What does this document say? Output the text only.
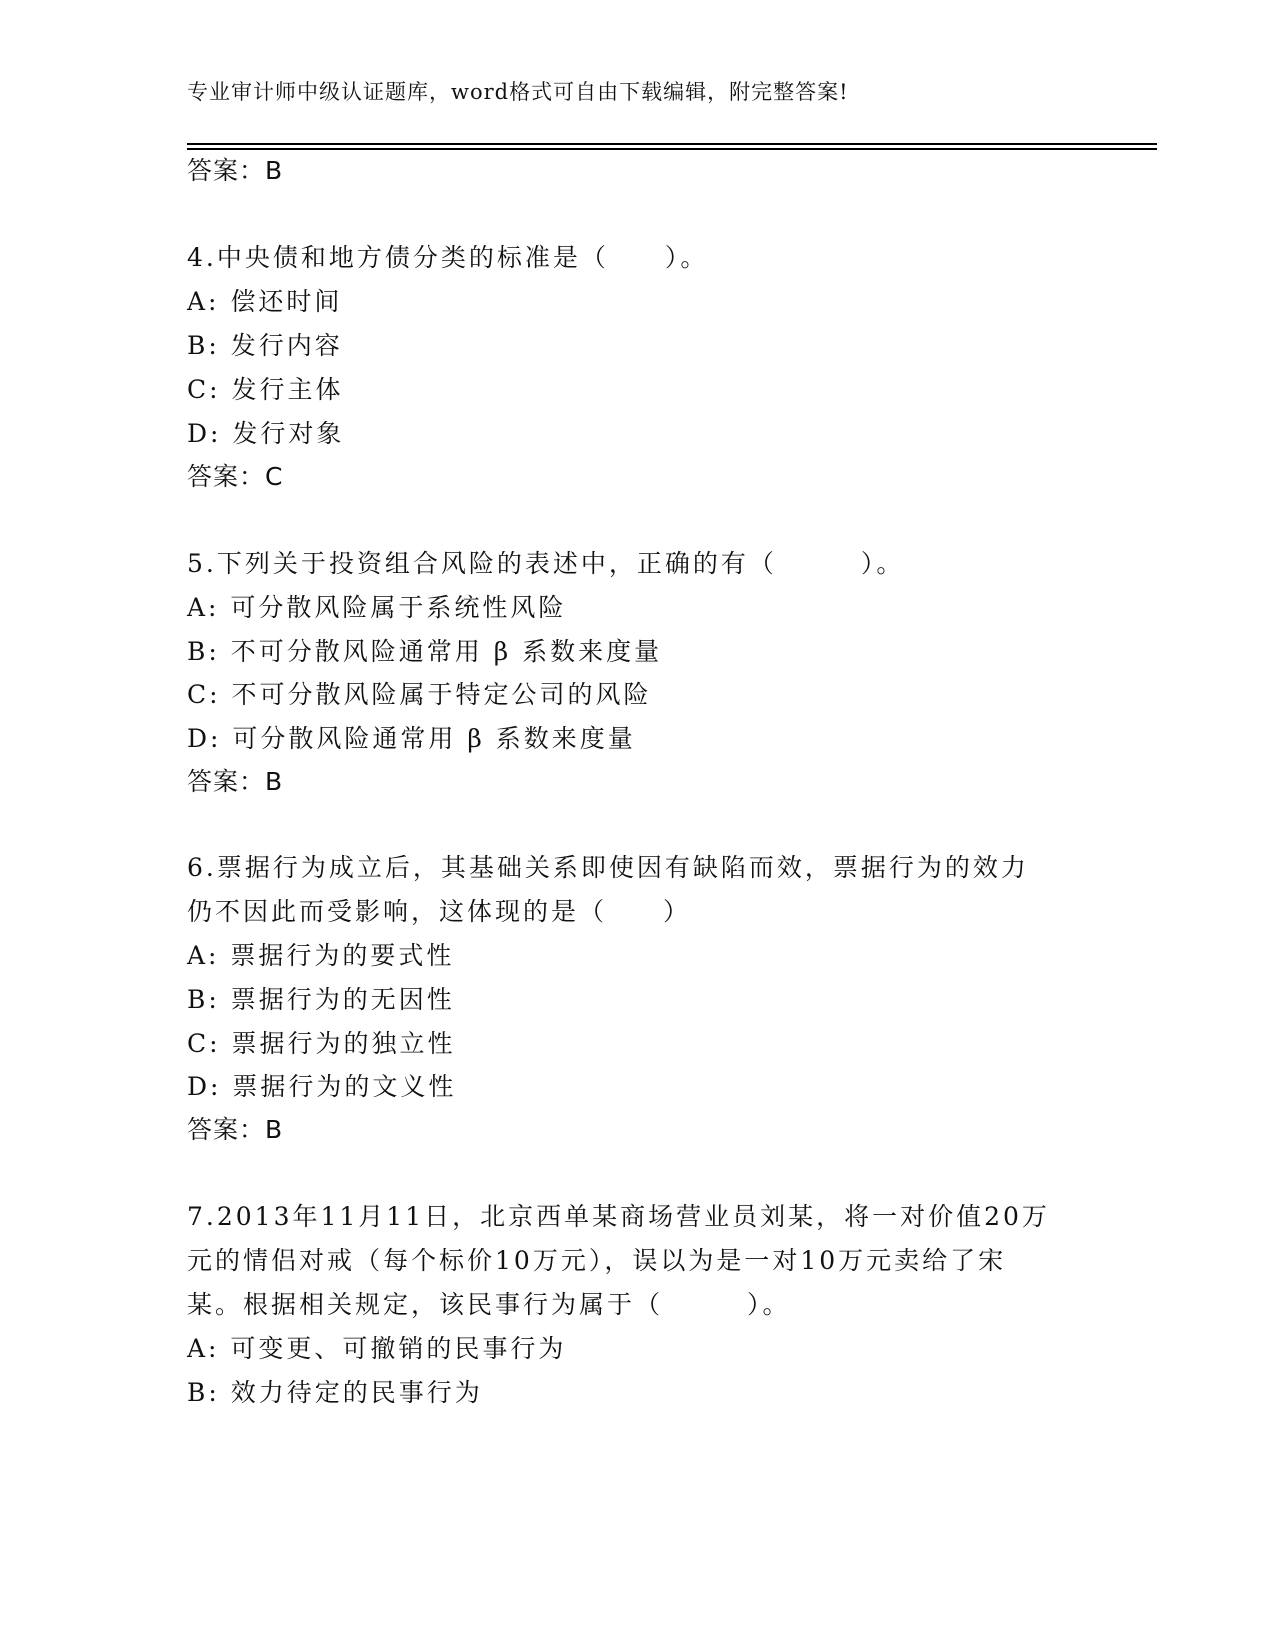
专业审计师中级认证题库，word格式可自由下载编辑，附完整答案!
答案：B
4.中央债和地方债分类的标准是（　　）。
A: 偿还时间
B: 发行内容
C: 发行主体
D: 发行对象
答案：C
5.下列关于投资组合风险的表述中，正确的有（　　　）。
A: 可分散风险属于系统性风险
B: 不可分散风险通常用 β 系数来度量
C: 不可分散风险属于特定公司的风险
D: 可分散风险通常用 β 系数来度量
答案：B
6.票据行为成立后，其基础关系即使因有缺陷而效，票据行为的效力
仍不因此而受影响，这体现的是（　　）
A: 票据行为的要式性
B: 票据行为的无因性
C: 票据行为的独立性
D: 票据行为的文义性
答案：B
7.2013年11月11日，北京西单某商场营业员刘某，将一对价值20万
元的情侣对戒（每个标价10万元），误以为是一对10万元卖给了宋
某。根据相关规定，该民事行为属于（　　　）。
A: 可变更、可撤销的民事行为
B: 效力待定的民事行为
